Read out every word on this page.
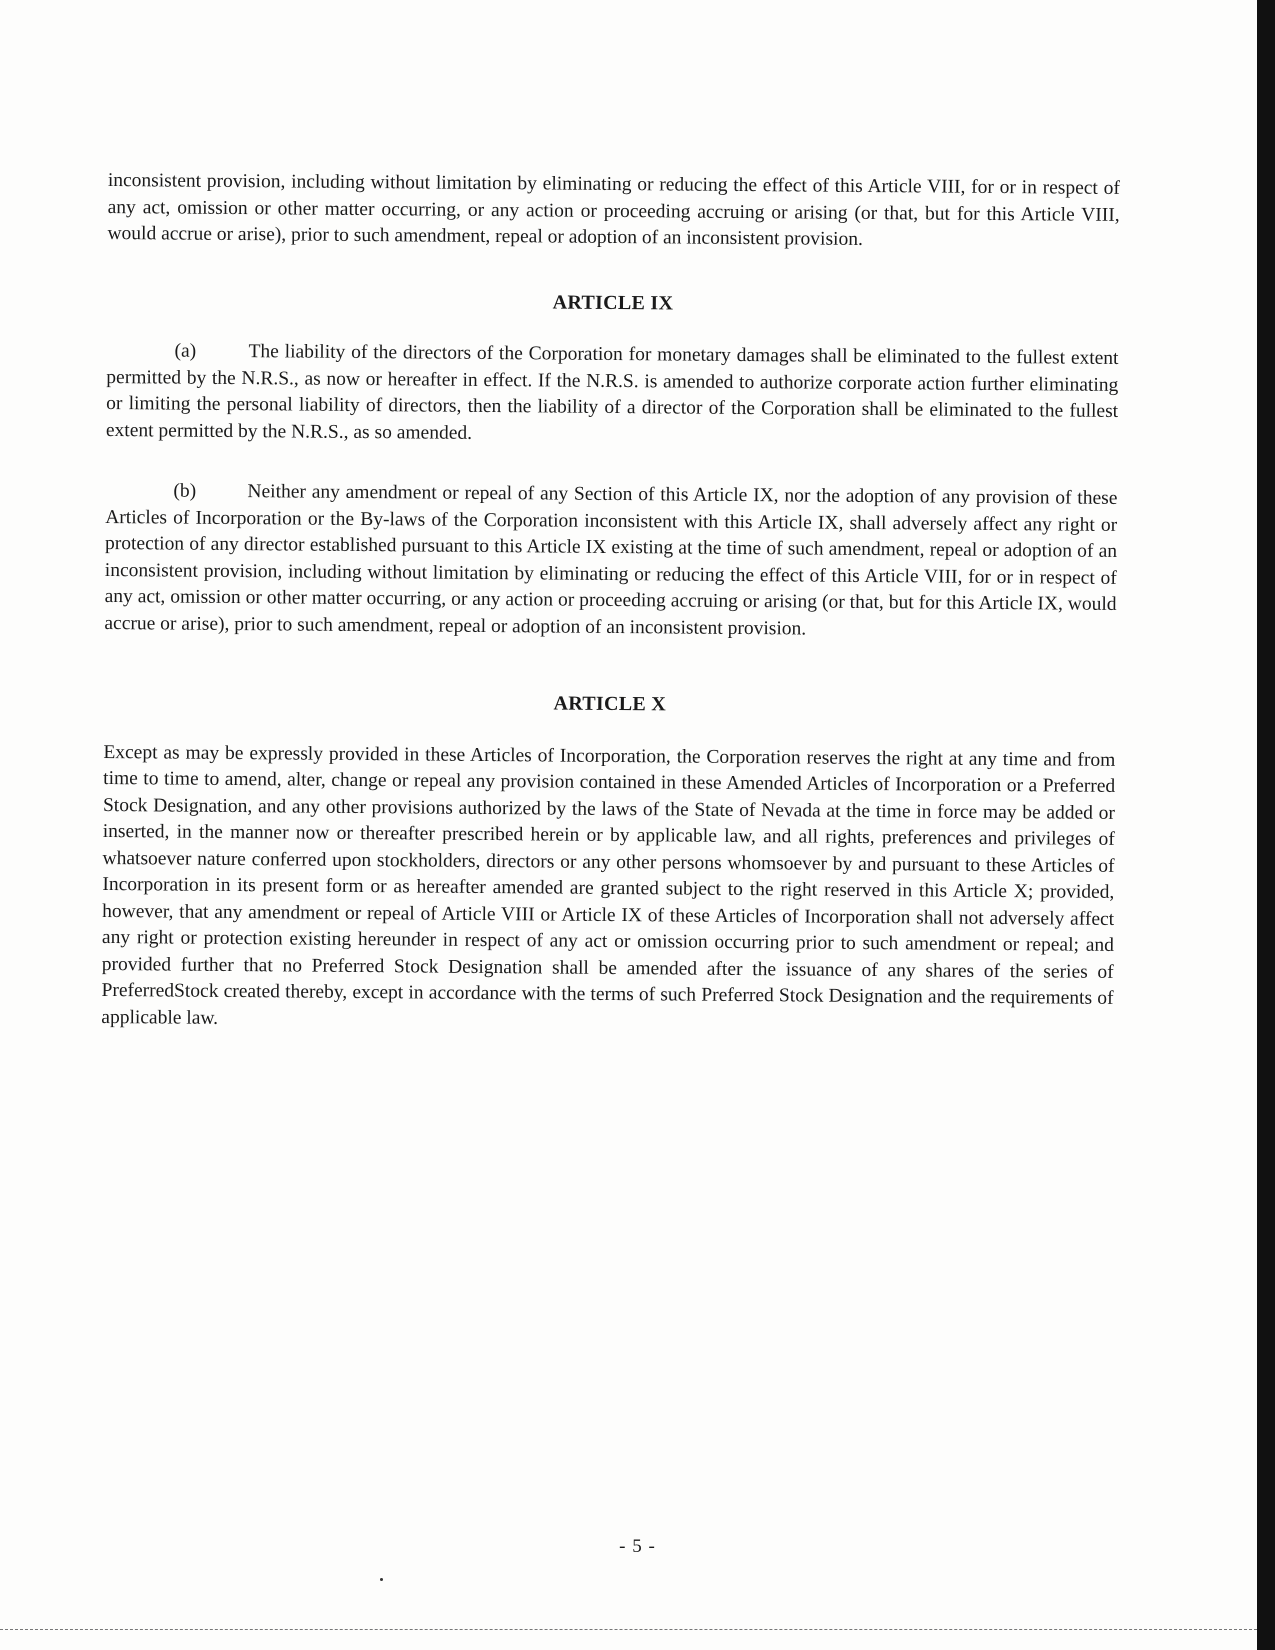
inconsistent provision, including without limitation by eliminating or reducing the effect of this Article VIII, for or in respect of any act, omission or other matter occurring, or any action or proceeding accruing or arising (or that, but for this Article VIII, would accrue or arise), prior to such amendment, repeal or adoption of an inconsistent provision.

ARTICLE IX

(a)	The liability of the directors of the Corporation for monetary damages shall be eliminated to the fullest extent permitted by the N.R.S., as now or hereafter in effect. If the N.R.S. is amended to authorize corporate action further eliminating or limiting the personal liability of directors, then the liability of a director of the Corporation shall be eliminated to the fullest extent permitted by the N.R.S., as so amended.

(b)	Neither any amendment or repeal of any Section of this Article IX, nor the adoption of any provision of these Articles of Incorporation or the By-laws of the Corporation inconsistent with this Article IX, shall adversely affect any right or protection of any director established pursuant to this Article IX existing at the time of such amendment, repeal or adoption of an inconsistent provision, including without limitation by eliminating or reducing the effect of this Article VIII, for or in respect of any act, omission or other matter occurring, or any action or proceeding accruing or arising (or that, but for this Article IX, would accrue or arise), prior to such amendment, repeal or adoption of an inconsistent provision.

ARTICLE X

Except as may be expressly provided in these Articles of Incorporation, the Corporation reserves the right at any time and from time to time to amend, alter, change or repeal any provision contained in these Amended Articles of Incorporation or a Preferred Stock Designation, and any other provisions authorized by the laws of the State of Nevada at the time in force may be added or inserted, in the manner now or thereafter prescribed herein or by applicable law, and all rights, preferences and privileges of whatsoever nature conferred upon stockholders, directors or any other persons whomsoever by and pursuant to these Articles of Incorporation in its present form or as hereafter amended are granted subject to the right reserved in this Article X; provided, however, that any amendment or repeal of Article VIII or Article IX of these Articles of Incorporation shall not adversely affect any right or protection existing hereunder in respect of any act or omission occurring prior to such amendment or repeal; and provided further that no Preferred Stock Designation shall be amended after the issuance of any shares of the series of PreferredStock created thereby, except in accordance with the terms of such Preferred Stock Designation and the requirements of applicable law.

- 5 -
